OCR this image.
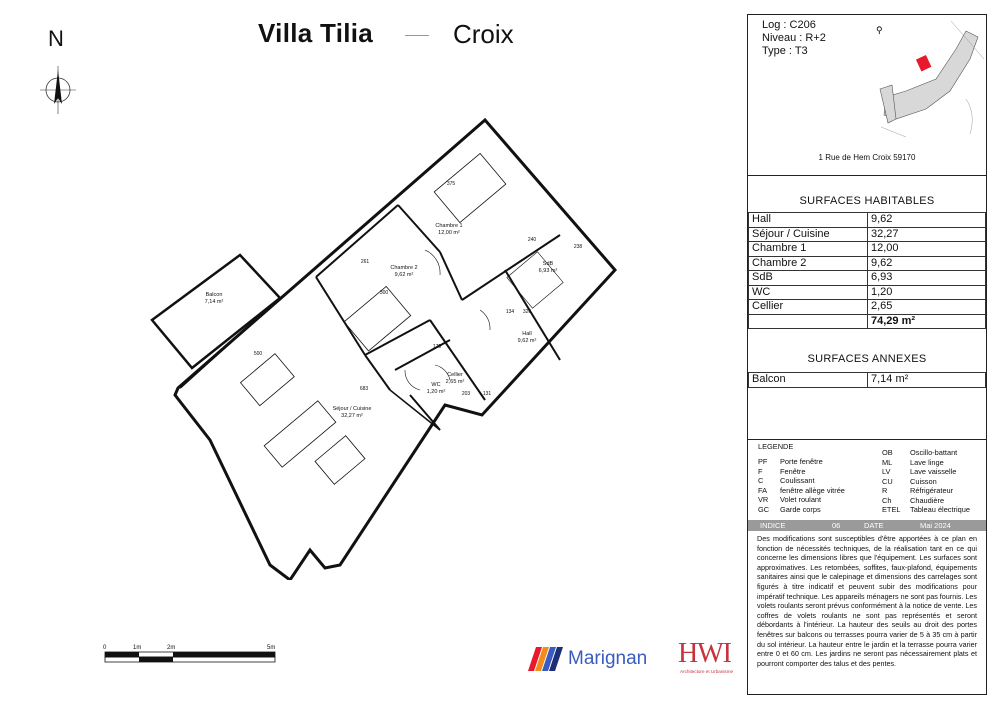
Villa Tilia	Croix
N
Balcon
7,14 m²
Chambre 2
9,62 m²
Chambre 1
12,00 m²
SdB
6,93 m²
Hall
9,62 m²
Cellier
2,65 m²
WC
1,20 m²
Séjour / Cuisine
32,27 m²
500
683
375
240
238
300
261
134 326
175
203	131
0	1m	2m	5m	Marignan HWI
Architecture et Urbanisme
Log : C206
Niveau : R+2
Type : T3
⚲
1 Rue de Hem Croix 59170
SURFACES HABITABLES
Hall	9,62
Séjour / Cuisine	32,27
Chambre 1	12,00
Chambre 2	9,62
SdB	6,93
WC	1,20
Cellier	2,65
	74,29 m²
SURFACES ANNEXES
Balcon	7,14 m²
LEGENDE
PF Porte fenêtre
F Fenêtre
C Coulissant
FA fenêtre allège vitrée
VR Volet roulant
GC Garde corps
OB Oscillo-battant
ML Lave linge
LV	Lave vaisselle
CU Cuisson
R	Réfrigérateur
Ch	Chaudière
ETEL Tableau électrique
INDICE	06	DATE	Mai 2024
Des modifications sont susceptibles d'être apportées à ce plan en fonction de nécessités techniques, de la réalisation tant en ce qui concerne les dimensions libres que l'équipement. Les surfaces sont approximatives. Les retombées, soffites, faux-plafond, équipements sanitaires ainsi que le calepinage et dimensions des carrelages sont figurés à titre indicatif et peuvent subir des modifications pour impératif technique. Les appareils ménagers ne sont pas fournis. Les volets roulants seront prévus conformément à la notice de vente. Les coffres de volets roulants ne sont pas représentés et seront débordants à l'intérieur. La hauteur des seuils au droit des portes fenêtres sur balcons ou terrasses pourra varier de 5 à 35 cm à partir du sol intérieur. La hauteur entre le jardin et la terrasse pourra varier entre 0 et 60 cm. Les jardins ne seront pas nécessairement plats et pourront comporter des talus et des pentes.
